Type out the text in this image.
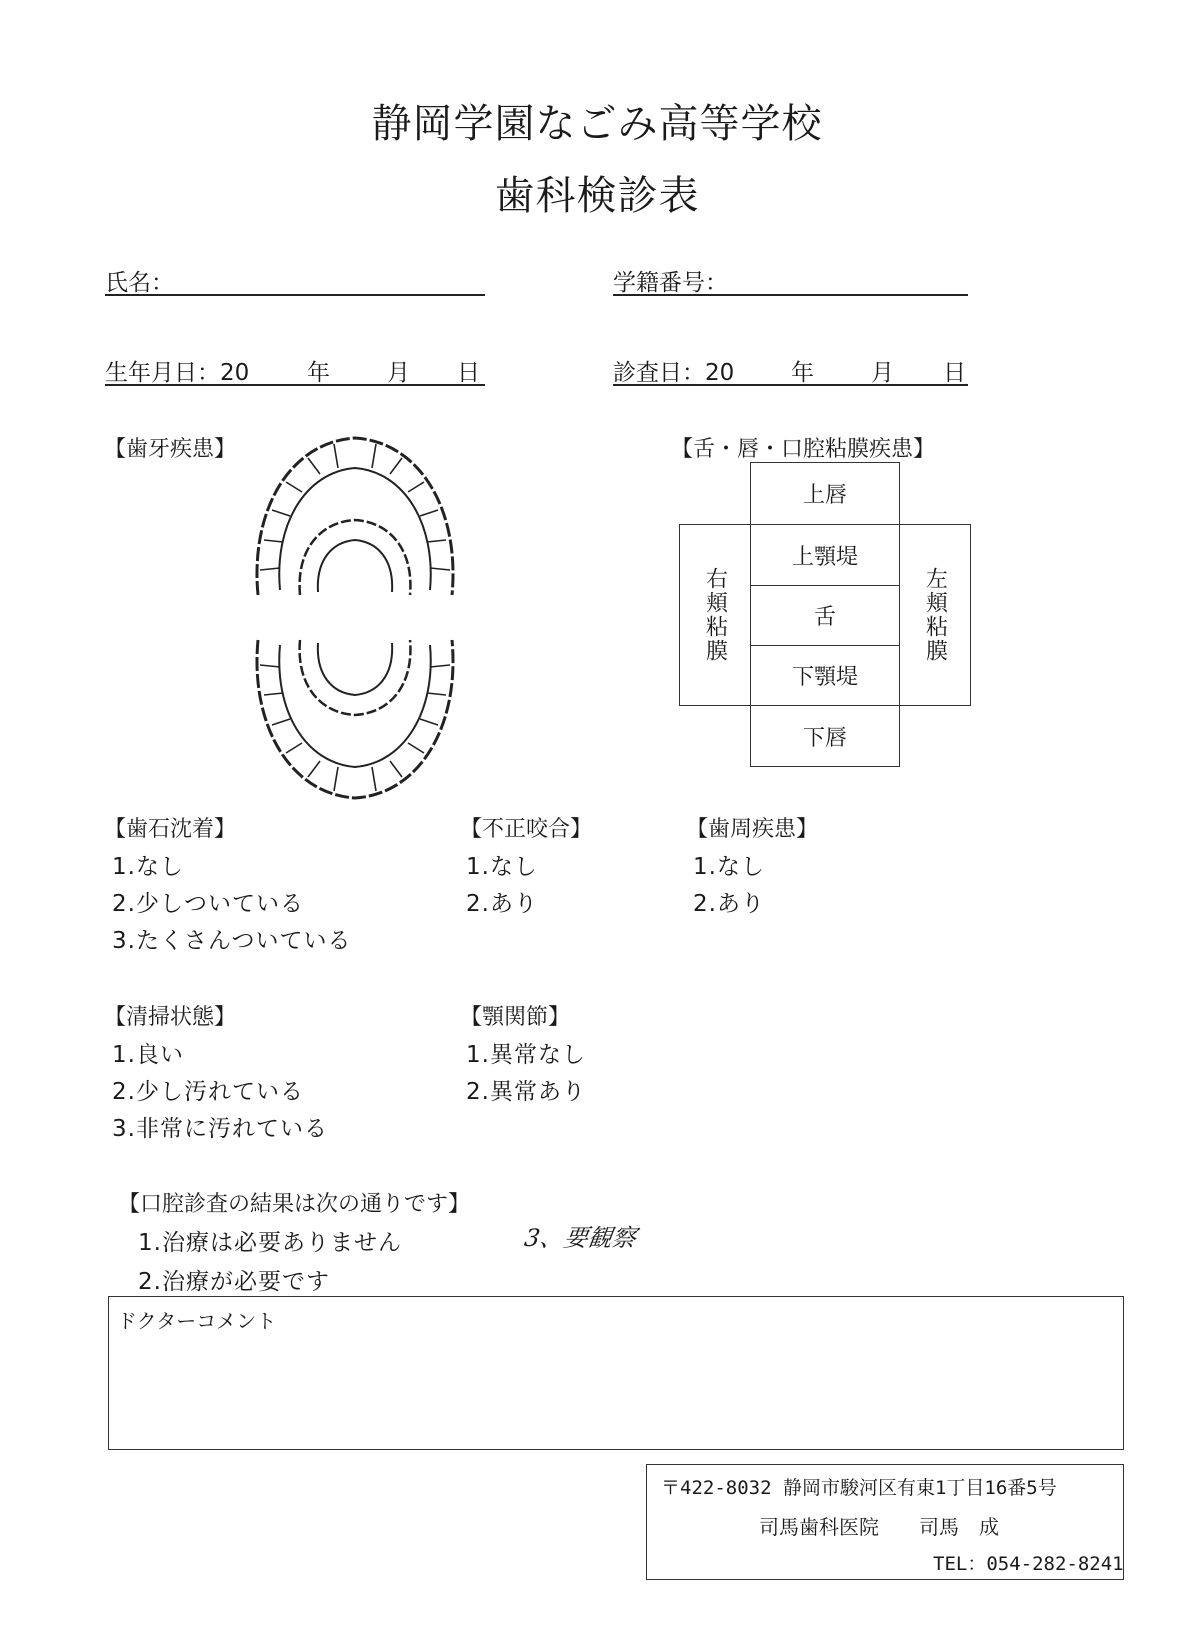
静岡学園なごみ高等学校
歯科検診表
氏名：	学籍番号：
生年月日：20	年 月 日	診査日：20 年 月 日
【歯牙疾患】	【舌・唇・口腔粘膜疾患】
上唇
上顎堤
舌
下顎堤
下唇
右頬粘膜	左頬粘膜
【歯石沈着】
1.なし
2.少しついている
3.たくさんついている
【不正咬合】
1.なし
2.あり
【歯周疾患】
1.なし
2.あり
【清掃状態】
1.良い
2.少し汚れている
3.非常に汚れている
【顎関節】
1.異常なし
2.異常あり
【口腔診査の結果は次の通りです】
1.治療は必要ありません
2.治療が必要です
3、要観察
ドクターコメント
〒422-8032 静岡市駿河区有東1丁目16番5号
司馬歯科医院　　司馬　成
TEL：054-282-8241
